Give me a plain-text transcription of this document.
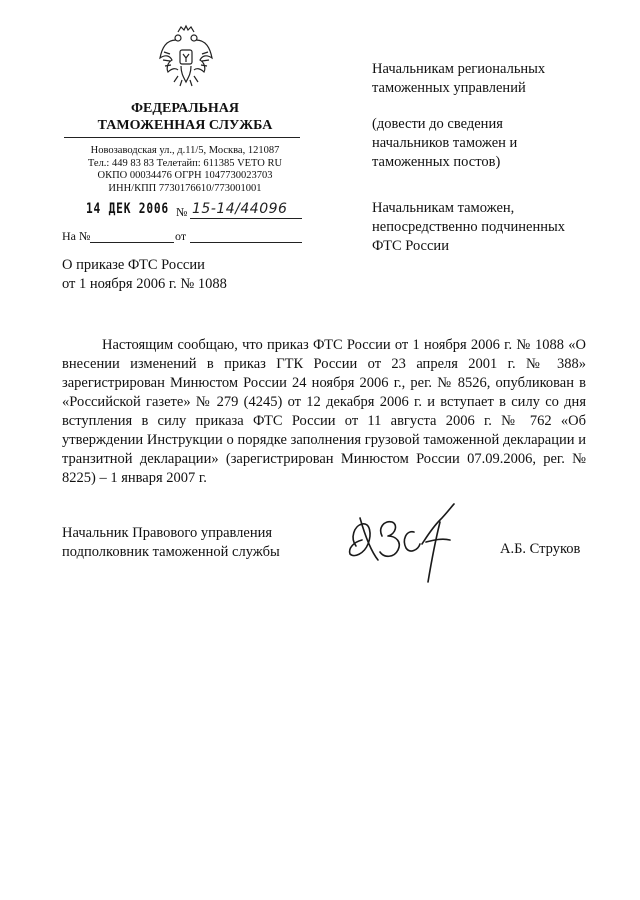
ФЕДЕРАЛЬНАЯ
ТАМОЖЕННАЯ СЛУЖБА
Новозаводская ул., д.11/5, Москва, 121087
Тел.: 449 83 83 Телетайп: 611385 VETO RU
ОКПО 00034476 ОГРН 1047730023703
ИНН/КПП 7730176610/773001001
14 ДЕК 2006 № 15-14/44096
На №	от
О приказе ФТС России
от 1 ноября 2006 г. № 1088
Начальникам региональных
таможенных управлений
(довести до сведения
начальников таможен и
таможенных постов)
Начальникам таможен,
непосредственно подчиненных
ФТС России
Настоящим сообщаю, что приказ ФТС России от 1 ноября 2006 г. № 1088 «О внесении изменений в приказ ГТК России от 23 апреля 2001 г. № 388» зарегистрирован Минюстом России 24 ноября 2006 г., рег. № 8526, опубликован в «Российской газете» № 279 (4245) от 12 декабря 2006 г. и вступает в силу со дня вступления в силу приказа ФТС России от 11 августа 2006 г. № 762 «Об утверждении Инструкции о порядке заполнения грузовой таможенной декларации и транзитной декларации» (зарегистрирован Минюстом России 07.09.2006, рег. № 8225) – 1 января 2007 г.
Начальник Правового управления
подполковник таможенной службы	А.Б. Струков
